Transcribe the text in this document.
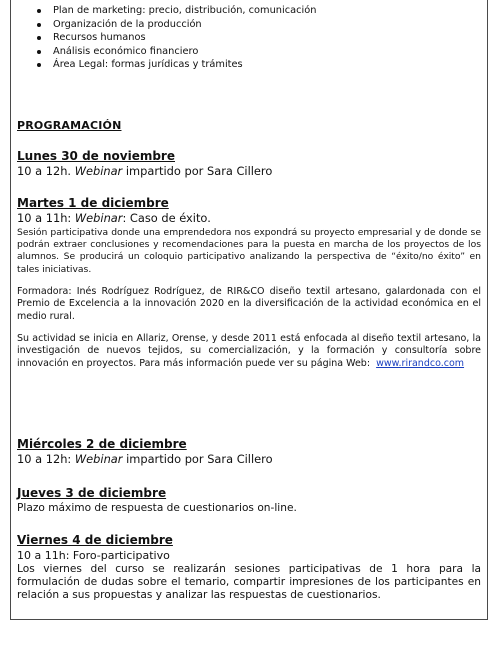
Plan de marketing: precio, distribución, comunicación
Organización de la producción
Recursos humanos
Análisis económico financiero
Área Legal: formas jurídicas y trámites
PROGRAMACIÓN
Lunes 30 de noviembre
10 a 12h. Webinar impartido por Sara Cillero
Martes 1 de diciembre
10 a 11h: Webinar: Caso de éxito.

Sesión participativa donde una emprendedora nos expondrá su proyecto empresarial y de donde se podrán extraer conclusiones y recomendaciones para la puesta en marcha de los proyectos de los alumnos. Se producirá un coloquio participativo analizando la perspectiva de “éxito/no éxito” en tales iniciativas.

Formadora: Inés Rodríguez Rodríguez, de RIR&CO diseño textil artesano, galardonada con el Premio de Excelencia a la innovación 2020 en la diversificación de la actividad económica en el medio rural.

Su actividad se inicia en Allariz, Orense, y desde 2011 está enfocada al diseño textil artesano, la investigación de nuevos tejidos, su comercialización, y la formación y consultoría sobre innovación en proyectos. Para más información puede ver su página Web: www.rirandco.com

Miércoles 2 de diciembre
10 a 12h: Webinar impartido por Sara Cillero
Jueves 3 de diciembre
Plazo máximo de respuesta de cuestionarios on-line.
Viernes 4 de diciembre
10 a 11h: Foro-participativo

Los viernes del curso se realizarán sesiones participativas de 1 hora para la formulación de dudas sobre el temario, compartir impresiones de los participantes en relación a sus propuestas y analizar las respuestas de cuestionarios.
